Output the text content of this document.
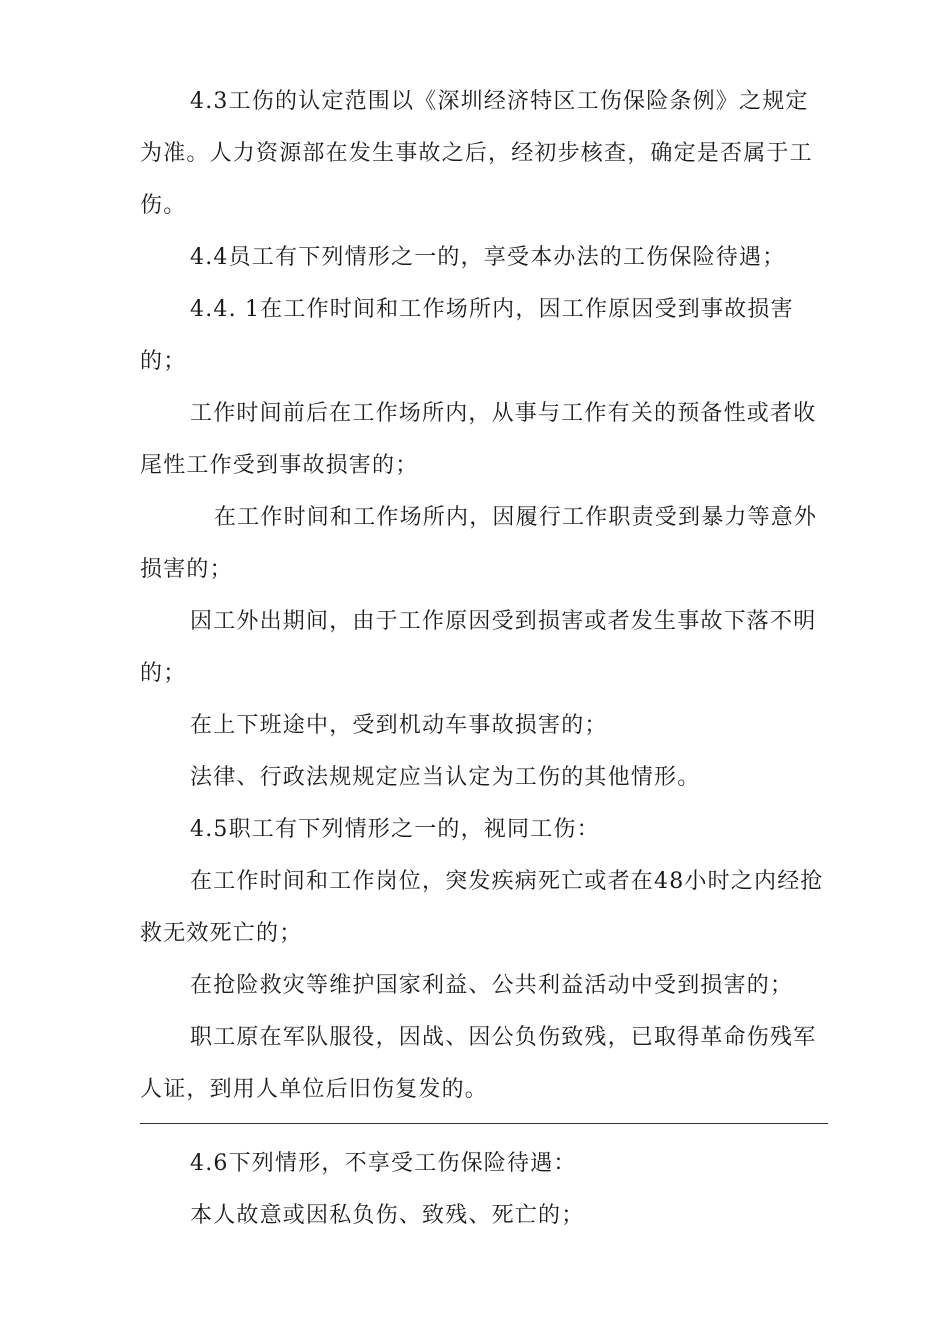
4.3工伤的认定范围以《深圳经济特区工伤保险条例》之规定为准。人力资源部在发生事故之后，经初步核查，确定是否属于工伤。

4.4员工有下列情形之一的，享受本办法的工伤保险待遇；

4.4. 1在工作时间和工作场所内，因工作原因受到事故损害的；

工作时间前后在工作场所内，从事与工作有关的预备性或者收尾性工作受到事故损害的；

在工作时间和工作场所内，因履行工作职责受到暴力等意外损害的；

因工外出期间，由于工作原因受到损害或者发生事故下落不明的；

在上下班途中，受到机动车事故损害的；

法律、行政法规规定应当认定为工伤的其他情形。

4.5职工有下列情形之一的，视同工伤：

在工作时间和工作岗位，突发疾病死亡或者在48小时之内经抢救无效死亡的；

在抢险救灾等维护国家利益、公共利益活动中受到损害的；

职工原在军队服役，因战、因公负伤致残，已取得革命伤残军人证，到用人单位后旧伤复发的。

4.6下列情形，不享受工伤保险待遇：

本人故意或因私负伤、致残、死亡的；
